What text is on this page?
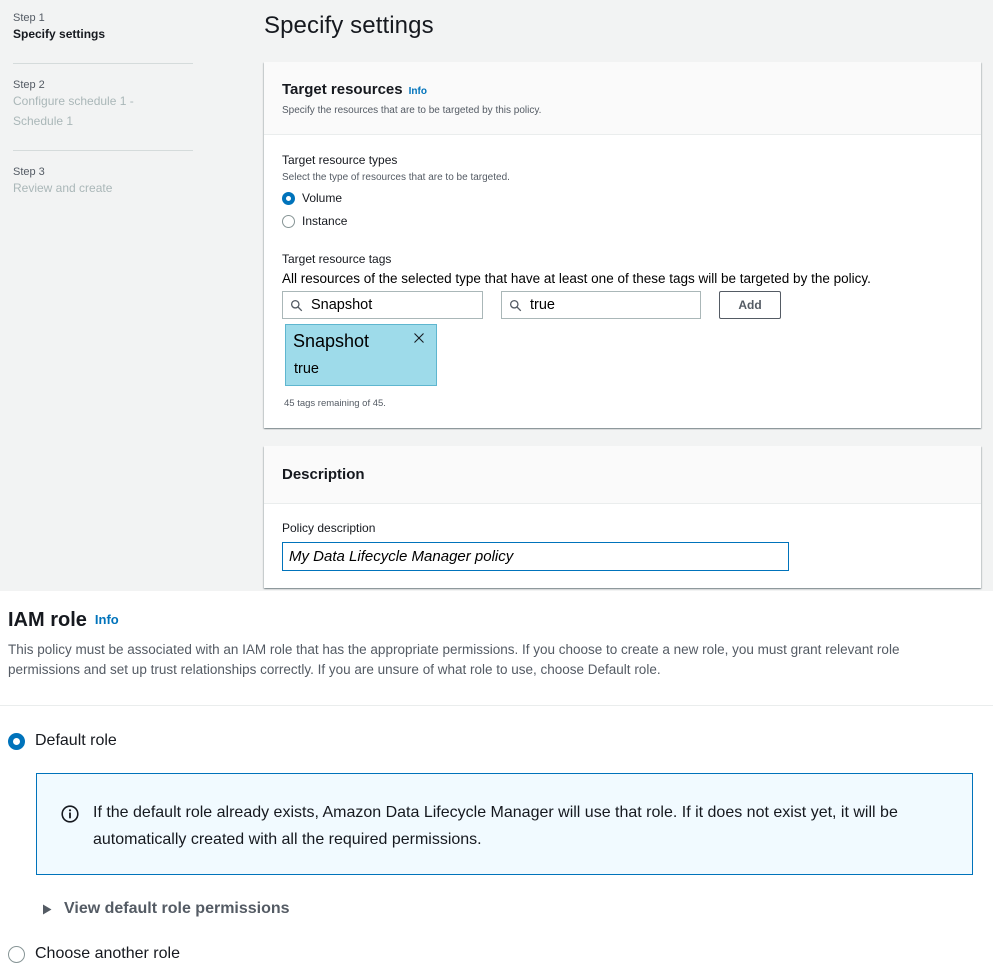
Step 1
Specify settings
Step 2
Configure schedule 1 - Schedule 1
Step 3
Review and create
Specify settings
Target resources Info
Specify the resources that are to be targeted by this policy.
Target resource types
Select the type of resources that are to be targeted.
Volume
Instance
Target resource tags
All resources of the selected type that have at least one of these tags will be targeted by the policy.
Snapshot	true	Add
Snapshot
true
45 tags remaining of 45.
Description
Policy description
My Data Lifecycle Manager policy
IAM role Info
This policy must be associated with an IAM role that has the appropriate permissions. If you choose to create a new role, you must grant relevant role permissions and set up trust relationships correctly. If you are unsure of what role to use, choose Default role.
Default role
If the default role already exists, Amazon Data Lifecycle Manager will use that role. If it does not exist yet, it will be automatically created with all the required permissions.
View default role permissions
Choose another role
